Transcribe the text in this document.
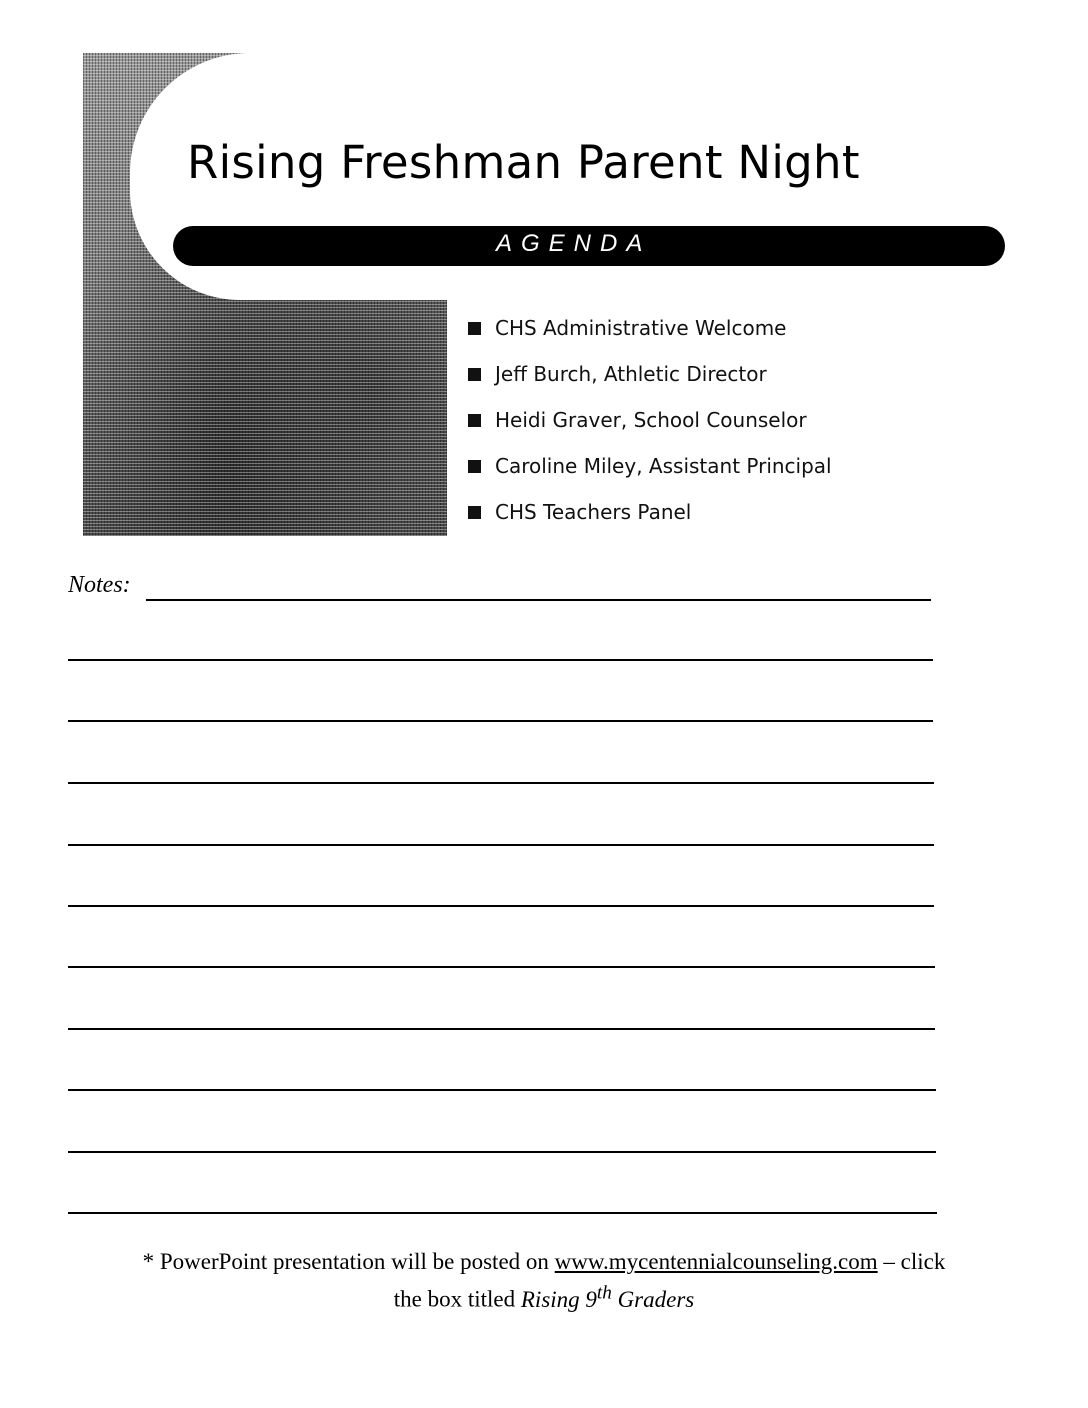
Rising Freshman Parent Night
AGENDA
CHS Administrative Welcome
Jeff Burch, Athletic Director
Heidi Graver, School Counselor
Caroline Miley, Assistant Principal
CHS Teachers Panel
Notes:
* PowerPoint presentation will be posted on www.mycentennialcounseling.com – click
the box titled Rising 9th Graders
